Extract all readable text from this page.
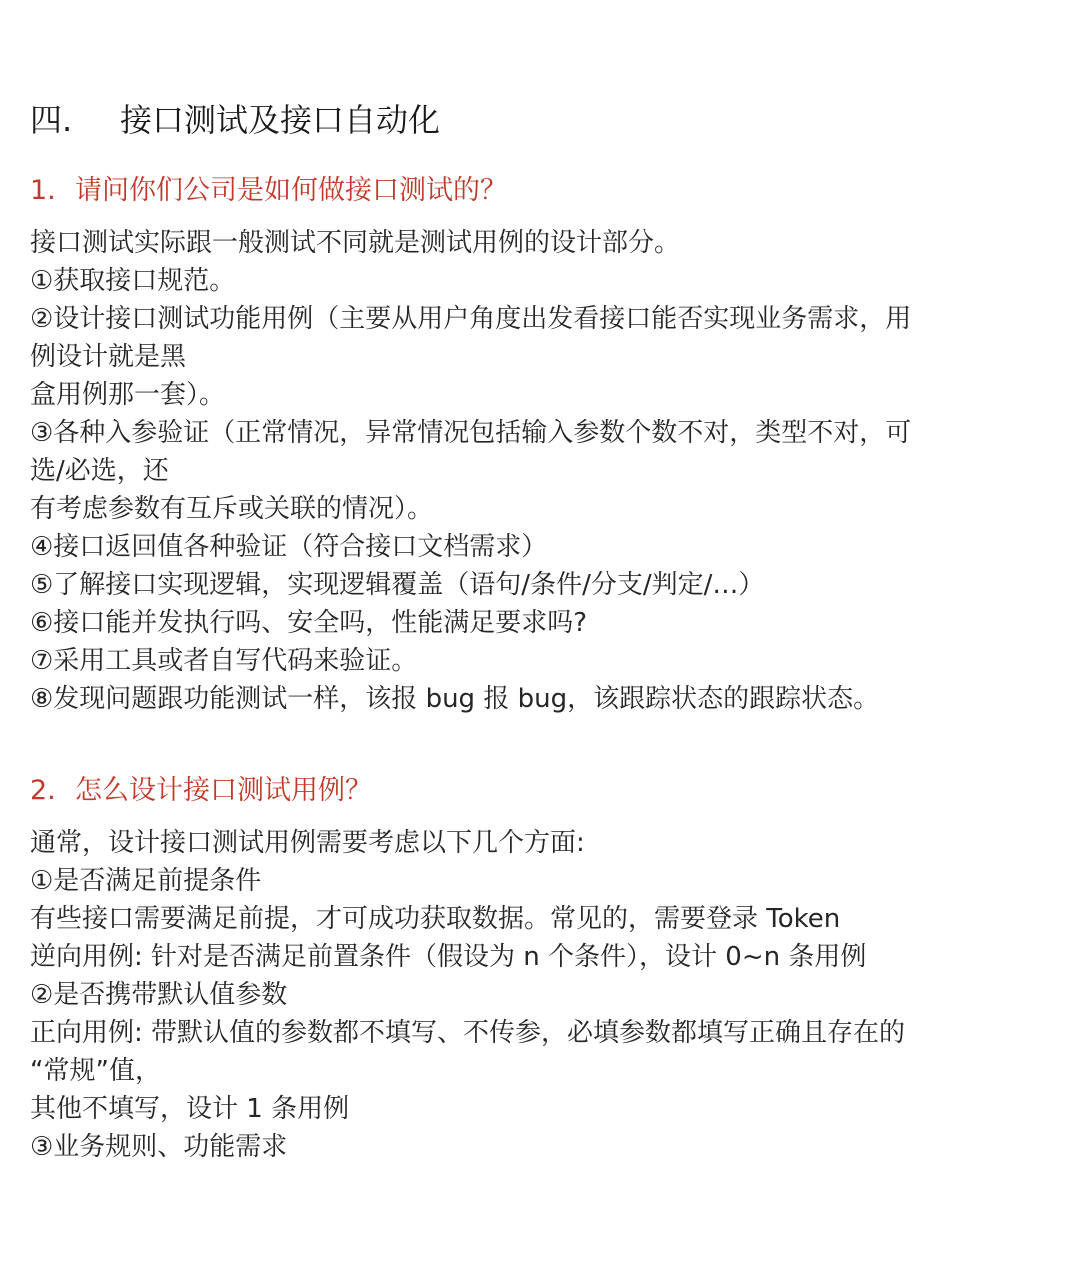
四. 接口测试及接口自动化
1. 请问你们公司是如何做接口测试的？
接口测试实际跟一般测试不同就是测试用例的设计部分。
①获取接口规范。
②设计接口测试功能用例（主要从用户角度出发看接口能否实现业务需求，用
例设计就是黑
盒用例那一套）。
③各种入参验证（正常情况，异常情况包括输入参数个数不对，类型不对，可
选/必选，还
有考虑参数有互斥或关联的情况）。
④接口返回值各种验证（符合接口文档需求）
⑤了解接口实现逻辑，实现逻辑覆盖（语句/条件/分支/判定/…）
⑥接口能并发执行吗、安全吗，性能满足要求吗?
⑦采用工具或者自写代码来验证。
⑧发现问题跟功能测试一样，该报 bug 报 bug，该跟踪状态的跟踪状态。
2. 怎么设计接口测试用例？
通常，设计接口测试用例需要考虑以下几个方面:
①是否满足前提条件
有些接口需要满足前提，才可成功获取数据。常见的，需要登录 Token
逆向用例: 针对是否满足前置条件（假设为 n 个条件），设计 0~n 条用例
②是否携带默认值参数
正向用例: 带默认值的参数都不填写、不传参，必填参数都填写正确且存在的
“常规”值，
其他不填写，设计 1 条用例
③业务规则、功能需求
